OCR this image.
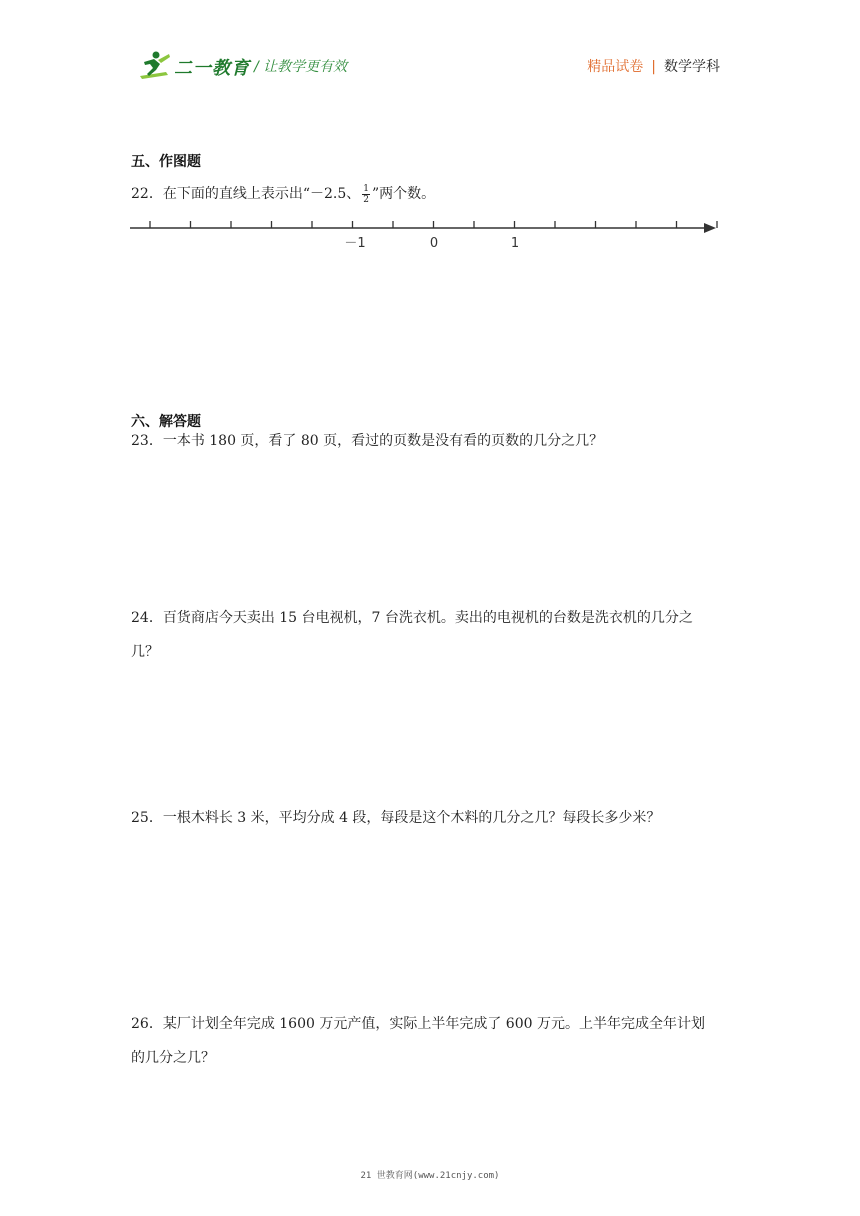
二一教育 / 让教学更有效	精品试卷 | 数学学科
五、作图题
22．在下面的直线上表示出“－2.5、 $\frac{1}{2}$ ”两个数。
－1	0	1
六、解答题
23．一本书 180 页，看了 80 页，看过的页数是没有看的页数的几分之几？
24．百货商店今天卖出 15 台电视机，7 台洗衣机。卖出的电视机的台数是洗衣机的几分之
几？
25．一根木料长 3 米，平均分成 4 段，每段是这个木料的几分之几？每段长多少米？
26．某厂计划全年完成 1600 万元产值，实际上半年完成了 600 万元。上半年完成全年计划
的几分之几？
21 世教育网(www.21cnjy.com)
